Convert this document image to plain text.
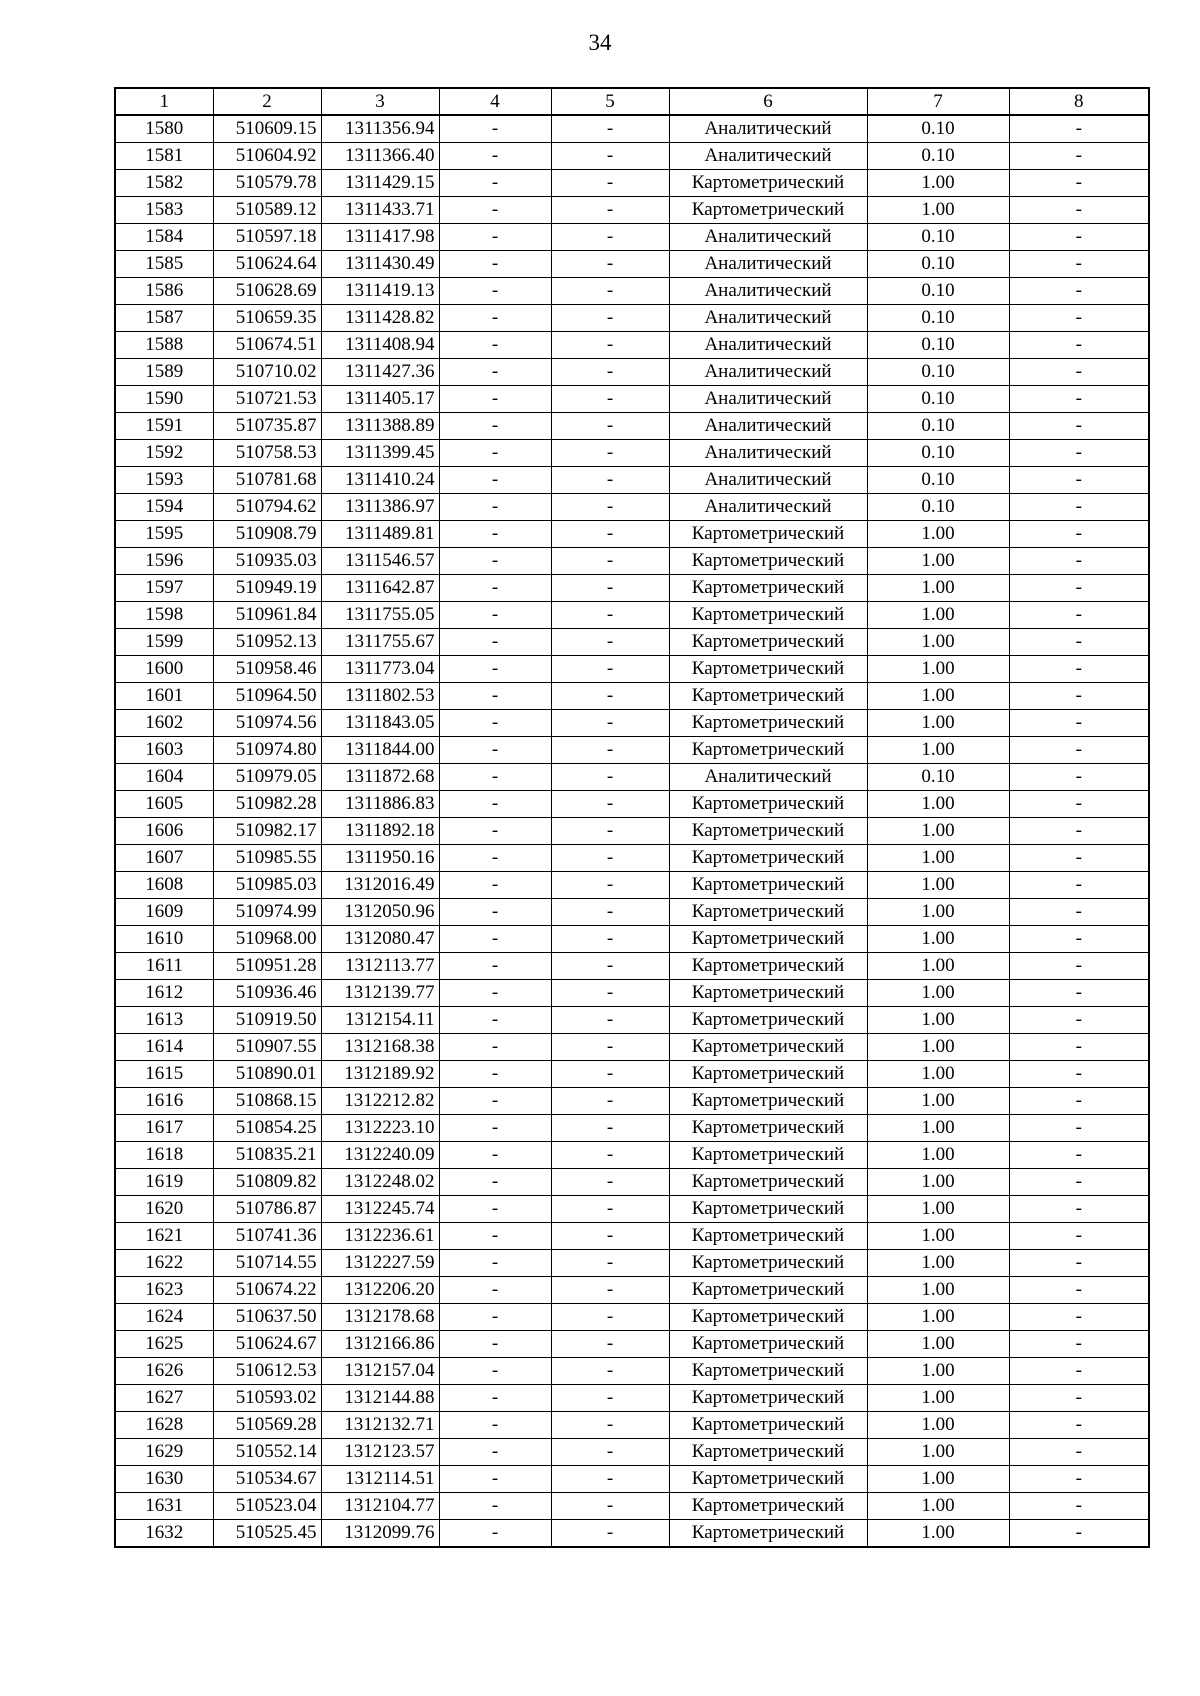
34
1	2	3	4	5	6	7	8
1580	510609.15	1311356.94	-	-	Аналитический	0.10	-
1581	510604.92	1311366.40	-	-	Аналитический	0.10	-
1582	510579.78	1311429.15	-	-	Картометрический	1.00	-
1583	510589.12	1311433.71	-	-	Картометрический	1.00	-
1584	510597.18	1311417.98	-	-	Аналитический	0.10	-
1585	510624.64	1311430.49	-	-	Аналитический	0.10	-
1586	510628.69	1311419.13	-	-	Аналитический	0.10	-
1587	510659.35	1311428.82	-	-	Аналитический	0.10	-
1588	510674.51	1311408.94	-	-	Аналитический	0.10	-
1589	510710.02	1311427.36	-	-	Аналитический	0.10	-
1590	510721.53	1311405.17	-	-	Аналитический	0.10	-
1591	510735.87	1311388.89	-	-	Аналитический	0.10	-
1592	510758.53	1311399.45	-	-	Аналитический	0.10	-
1593	510781.68	1311410.24	-	-	Аналитический	0.10	-
1594	510794.62	1311386.97	-	-	Аналитический	0.10	-
1595	510908.79	1311489.81	-	-	Картометрический	1.00	-
1596	510935.03	1311546.57	-	-	Картометрический	1.00	-
1597	510949.19	1311642.87	-	-	Картометрический	1.00	-
1598	510961.84	1311755.05	-	-	Картометрический	1.00	-
1599	510952.13	1311755.67	-	-	Картометрический	1.00	-
1600	510958.46	1311773.04	-	-	Картометрический	1.00	-
1601	510964.50	1311802.53	-	-	Картометрический	1.00	-
1602	510974.56	1311843.05	-	-	Картометрический	1.00	-
1603	510974.80	1311844.00	-	-	Картометрический	1.00	-
1604	510979.05	1311872.68	-	-	Аналитический	0.10	-
1605	510982.28	1311886.83	-	-	Картометрический	1.00	-
1606	510982.17	1311892.18	-	-	Картометрический	1.00	-
1607	510985.55	1311950.16	-	-	Картометрический	1.00	-
1608	510985.03	1312016.49	-	-	Картометрический	1.00	-
1609	510974.99	1312050.96	-	-	Картометрический	1.00	-
1610	510968.00	1312080.47	-	-	Картометрический	1.00	-
1611	510951.28	1312113.77	-	-	Картометрический	1.00	-
1612	510936.46	1312139.77	-	-	Картометрический	1.00	-
1613	510919.50	1312154.11	-	-	Картометрический	1.00	-
1614	510907.55	1312168.38	-	-	Картометрический	1.00	-
1615	510890.01	1312189.92	-	-	Картометрический	1.00	-
1616	510868.15	1312212.82	-	-	Картометрический	1.00	-
1617	510854.25	1312223.10	-	-	Картометрический	1.00	-
1618	510835.21	1312240.09	-	-	Картометрический	1.00	-
1619	510809.82	1312248.02	-	-	Картометрический	1.00	-
1620	510786.87	1312245.74	-	-	Картометрический	1.00	-
1621	510741.36	1312236.61	-	-	Картометрический	1.00	-
1622	510714.55	1312227.59	-	-	Картометрический	1.00	-
1623	510674.22	1312206.20	-	-	Картометрический	1.00	-
1624	510637.50	1312178.68	-	-	Картометрический	1.00	-
1625	510624.67	1312166.86	-	-	Картометрический	1.00	-
1626	510612.53	1312157.04	-	-	Картометрический	1.00	-
1627	510593.02	1312144.88	-	-	Картометрический	1.00	-
1628	510569.28	1312132.71	-	-	Картометрический	1.00	-
1629	510552.14	1312123.57	-	-	Картометрический	1.00	-
1630	510534.67	1312114.51	-	-	Картометрический	1.00	-
1631	510523.04	1312104.77	-	-	Картометрический	1.00	-
1632	510525.45	1312099.76	-	-	Картометрический	1.00	-
